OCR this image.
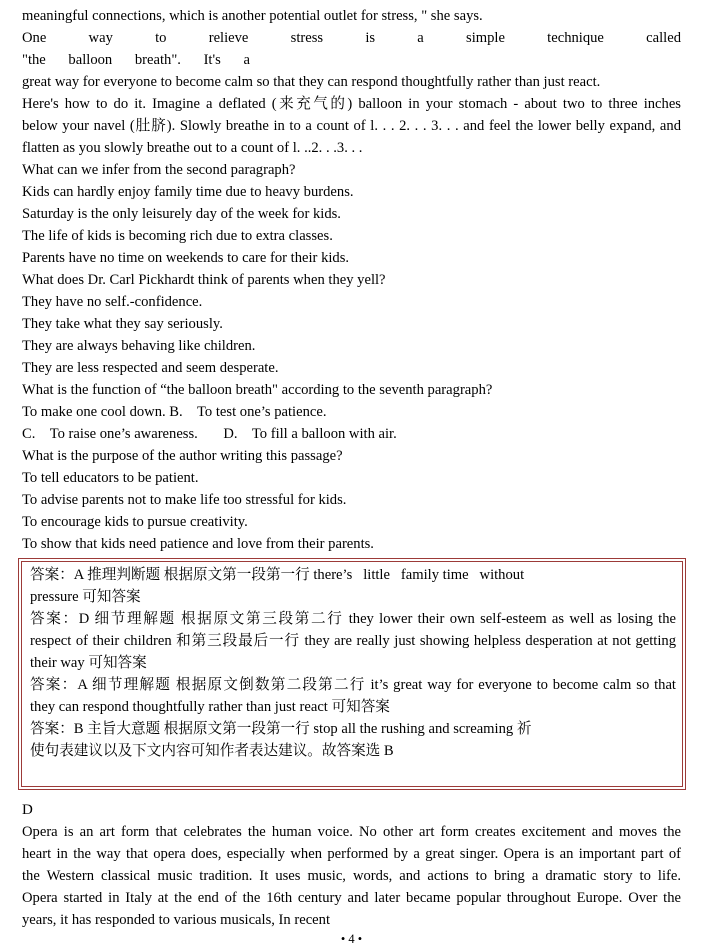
meaningful connections, which is another potential outlet for stress, " she says.
One way to relieve stress is a simple technique called
"the balloon breath". It's a
great way for everyone to become calm so that they can respond thoughtfully rather than just react.
Here's how to do it. Imagine a deflated (来充气的) balloon in your stomach - about two to three inches
below your navel (肚脐). Slowly breathe in to a count of l. . . 2. . . 3. . . and feel the lower belly expand, and
flatten as you slowly breathe out to a count of l. ..2. . .3. . .
What can we infer from the second paragraph?
Kids can hardly enjoy family time due to heavy burdens.
Saturday is the only leisurely day of the week for kids.
The life of kids is becoming rich due to extra classes.
Parents have no time on weekends to care for their kids.
What does Dr. Carl Pickhardt think of parents when they yell?
They have no self.-confidence.
They take what they say seriously.
They are always behaving like children.
They are less respected and seem desperate.
What is the function of “the balloon breath" according to the seventh paragraph?
To make one cool down. B.    To test one’s patience.
C.    To raise one’s awareness.       D.    To fill a balloon with air.
What is the purpose of the author writing this passage?
To tell educators to be patient.
To advise parents not to make life too stressful for kids.
To encourage kids to pursue creativity.
To show that kids need patience and love from their parents.
答案：A 推理判断题 根据原文第一段第一行 there’s   little   family time   without
pressure 可知答案
答案：D 细节理解题 根据原文第三段第二行 they lower their own self-esteem as well as losing the
respect of their children 和第三段最后一行 they are really just showing helpless desperation at not getting
their way 可知答案
答案：A 细节理解题 根据原文倒数第二段第二行 it’s great way for everyone to become calm so that
they can respond thoughtfully rather than just react 可知答案
答案：B 主旨大意题 根据原文第一段第一行 stop all the rushing and screaming 祈
使句表建议以及下文内容可知作者表达建议。故答案选 B
D
Opera is an art form that celebrates the human voice. No other art form creates excitement and moves the
heart in the way that opera does, especially when performed by a great singer. Opera is an important part of
the Western classical music tradition. It uses music, words, and actions to bring a dramatic story to life.
Opera started in Italy at the end of the 16th century and later became popular throughout Europe. Over the
years, it has responded to various musicals, In recent
• 4 •
